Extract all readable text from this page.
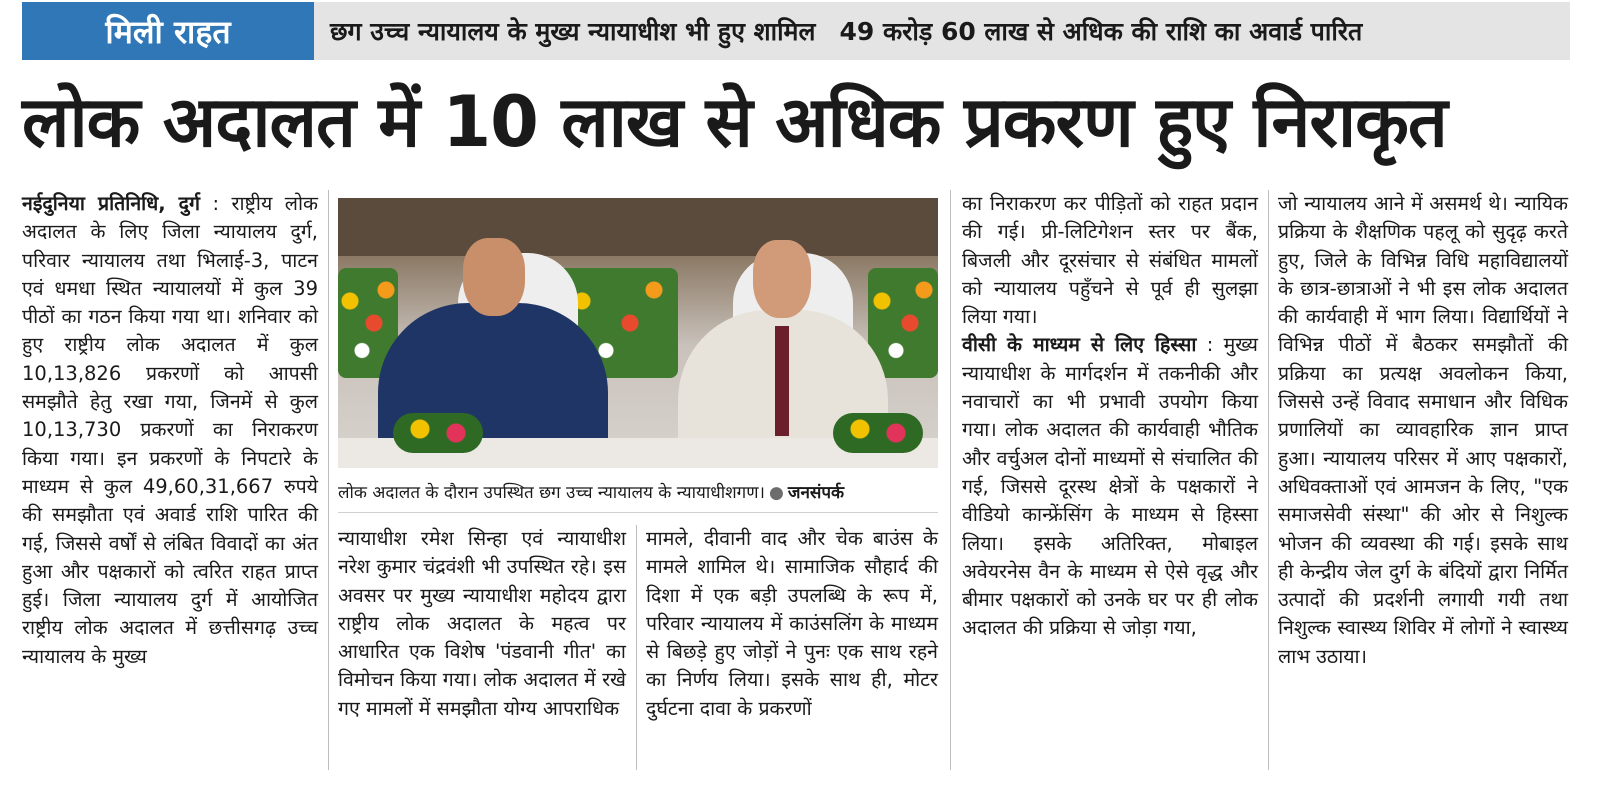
मिली राहत	छग उच्च न्यायालय के मुख्य न्यायाधीश भी हुए शामिल 49 करोड़ 60 लाख से अधिक की राशि का अवार्ड पारित
लोक अदालत में 10 लाख से अधिक प्रकरण हुए निराकृत

नईदुनिया प्रतिनिधि, दुर्ग : राष्ट्रीय लोक अदालत के लिए जिला न्यायालय दुर्ग, परिवार न्यायालय तथा भिलाई-3, पाटन एवं धमधा स्थित न्यायालयों में कुल 39 पीठों का गठन किया गया था। शनिवार को हुए राष्ट्रीय लोक अदालत में कुल 10,13,826 प्रकरणों को आपसी समझौते हेतु रखा गया, जिनमें से कुल 10,13,730 प्रकरणों का निराकरण किया गया। इन प्रकरणों के निपटारे के माध्यम से कुल 49,60,31,667 रुपये की समझौता एवं अवार्ड राशि पारित की गई, जिससे वर्षों से लंबित विवादों का अंत हुआ और पक्षकारों को त्वरित राहत प्राप्त हुई। जिला न्यायालय दुर्ग में आयोजित राष्ट्रीय लोक अदालत में छत्तीसगढ़ उच्च न्यायालय के मुख्य

लोक अदालत के दौरान उपस्थित छग उच्च न्यायालय के न्यायाधीशगण। ● जनसंपर्क

न्यायाधीश रमेश सिन्हा एवं न्यायाधीश नरेश कुमार चंद्रवंशी भी उपस्थित रहे। इस अवसर पर मुख्य न्यायाधीश महोदय द्वारा राष्ट्रीय लोक अदालत के महत्व पर आधारित एक विशेष 'पंडवानी गीत' का विमोचन किया गया। लोक अदालत में रखे गए मामलों में समझौता योग्य आपराधिक

मामले, दीवानी वाद और चेक बाउंस के मामले शामिल थे। सामाजिक सौहार्द की दिशा में एक बड़ी उपलब्धि के रूप में, परिवार न्यायालय में काउंसलिंग के माध्यम से बिछड़े हुए जोड़ों ने पुनः एक साथ रहने का निर्णय लिया। इसके साथ ही, मोटर दुर्घटना दावा के प्रकरणों

का निराकरण कर पीड़ितों को राहत प्रदान की गई। प्री-लिटिगेशन स्तर पर बैंक, बिजली और दूरसंचार से संबंधित मामलों को न्यायालय पहुँचने से पूर्व ही सुलझा लिया गया।

वीसी के माध्यम से लिए हिस्सा : मुख्य न्यायाधीश के मार्गदर्शन में तकनीकी और नवाचारों का भी प्रभावी उपयोग किया गया। लोक अदालत की कार्यवाही भौतिक और वर्चुअल दोनों माध्यमों से संचालित की गई, जिससे दूरस्थ क्षेत्रों के पक्षकारों ने वीडियो कान्फ्रेंसिंग के माध्यम से हिस्सा लिया। इसके अतिरिक्त, मोबाइल अवेयरनेस वैन के माध्यम से ऐसे वृद्ध और बीमार पक्षकारों को उनके घर पर ही लोक अदालत की प्रक्रिया से जोड़ा गया,

जो न्यायालय आने में असमर्थ थे। न्यायिक प्रक्रिया के शैक्षणिक पहलू को सुदृढ़ करते हुए, जिले के विभिन्न विधि महाविद्यालयों के छात्र-छात्राओं ने भी इस लोक अदालत की कार्यवाही में भाग लिया। विद्यार्थियों ने विभिन्न पीठों में बैठकर समझौतों की प्रक्रिया का प्रत्यक्ष अवलोकन किया, जिससे उन्हें विवाद समाधान और विधिक प्रणालियों का व्यावहारिक ज्ञान प्राप्त हुआ। न्यायालय परिसर में आए पक्षकारों, अधिवक्ताओं एवं आमजन के लिए, "एक समाजसेवी संस्था" की ओर से निशुल्क भोजन की व्यवस्था की गई। इसके साथ ही केन्द्रीय जेल दुर्ग के बंदियों द्वारा निर्मित उत्पादों की प्रदर्शनी लगायी गयी तथा निशुल्क स्वास्थ्य शिविर में लोगों ने स्वास्थ्य लाभ उठाया।
